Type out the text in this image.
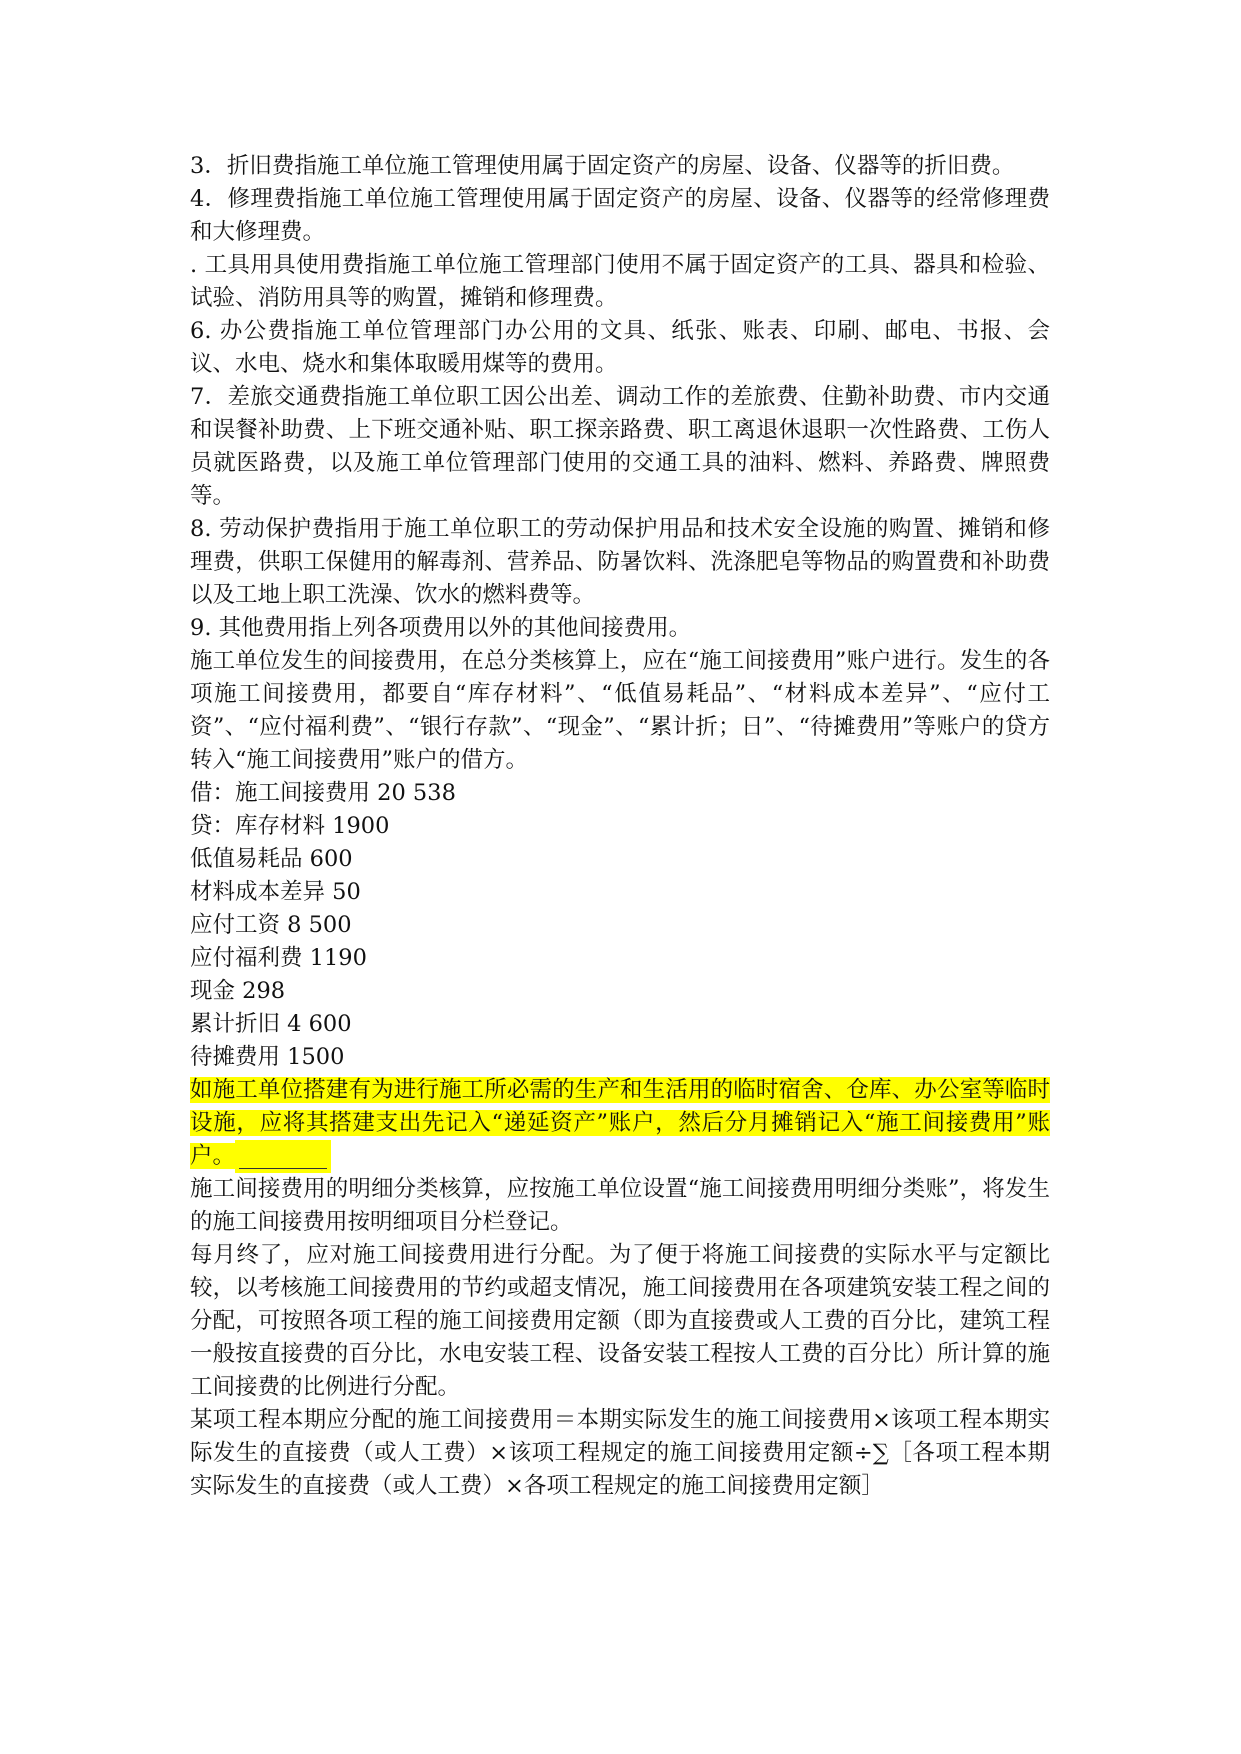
3．折旧费指施工单位施工管理使用属于固定资产的房屋、设备、仪器等的折旧费。

4．修理费指施工单位施工管理使用属于固定资产的房屋、设备、仪器等的经常修理费和大修理费。

. 工具用具使用费指施工单位施工管理部门使用不属于固定资产的工具、器具和检验、试验、消防用具等的购置，摊销和修理费。

6. 办公费指施工单位管理部门办公用的文具、纸张、账表、印刷、邮电、书报、会议、水电、烧水和集体取暖用煤等的费用。

7．差旅交通费指施工单位职工因公出差、调动工作的差旅费、住勤补助费、市内交通和误餐补助费、上下班交通补贴、职工探亲路费、职工离退休退职一次性路费、工伤人员就医路费，以及施工单位管理部门使用的交通工具的油料、燃料、养路费、牌照费等。

8. 劳动保护费指用于施工单位职工的劳动保护用品和技术安全设施的购置、摊销和修理费，供职工保健用的解毒剂、营养品、防暑饮料、洗涤肥皂等物品的购置费和补助费以及工地上职工洗澡、饮水的燃料费等。

9. 其他费用指上列各项费用以外的其他间接费用。

施工单位发生的间接费用，在总分类核算上，应在“施工间接费用”账户进行。发生的各项施工间接费用，都要自“库存材料”、“低值易耗品”、“材料成本差异”、“应付工资”、“应付福利费”、“银行存款”、“现金”、“累计折；日”、“待摊费用”等账户的贷方转入“施工间接费用”账户的借方。

借：施工间接费用 20 538

贷：库存材料 1900

低值易耗品 600

材料成本差异 50

应付工资 8 500

应付福利费 1190

现金 298

累计折旧 4 600

待摊费用 1500

如施工单位搭建有为进行施工所必需的生产和生活用的临时宿舍、仓库、办公室等临时设施，应将其搭建支出先记入“递延资产”账户，然后分月摊销记入“施工间接费用”账户。

施工间接费用的明细分类核算，应按施工单位设置“施工间接费用明细分类账”，将发生的施工间接费用按明细项目分栏登记。

每月终了，应对施工间接费用进行分配。为了便于将施工间接费的实际水平与定额比较，以考核施工间接费用的节约或超支情况，施工间接费用在各项建筑安装工程之间的分配，可按照各项工程的施工间接费用定额（即为直接费或人工费的百分比，建筑工程一般按直接费的百分比，水电安装工程、设备安装工程按人工费的百分比）所计算的施工间接费的比例进行分配。

某项工程本期应分配的施工间接费用＝本期实际发生的施工间接费用×该项工程本期实际发生的直接费（或人工费）×该项工程规定的施工间接费用定额÷∑［各项工程本期实际发生的直接费（或人工费）×各项工程规定的施工间接费用定额］
